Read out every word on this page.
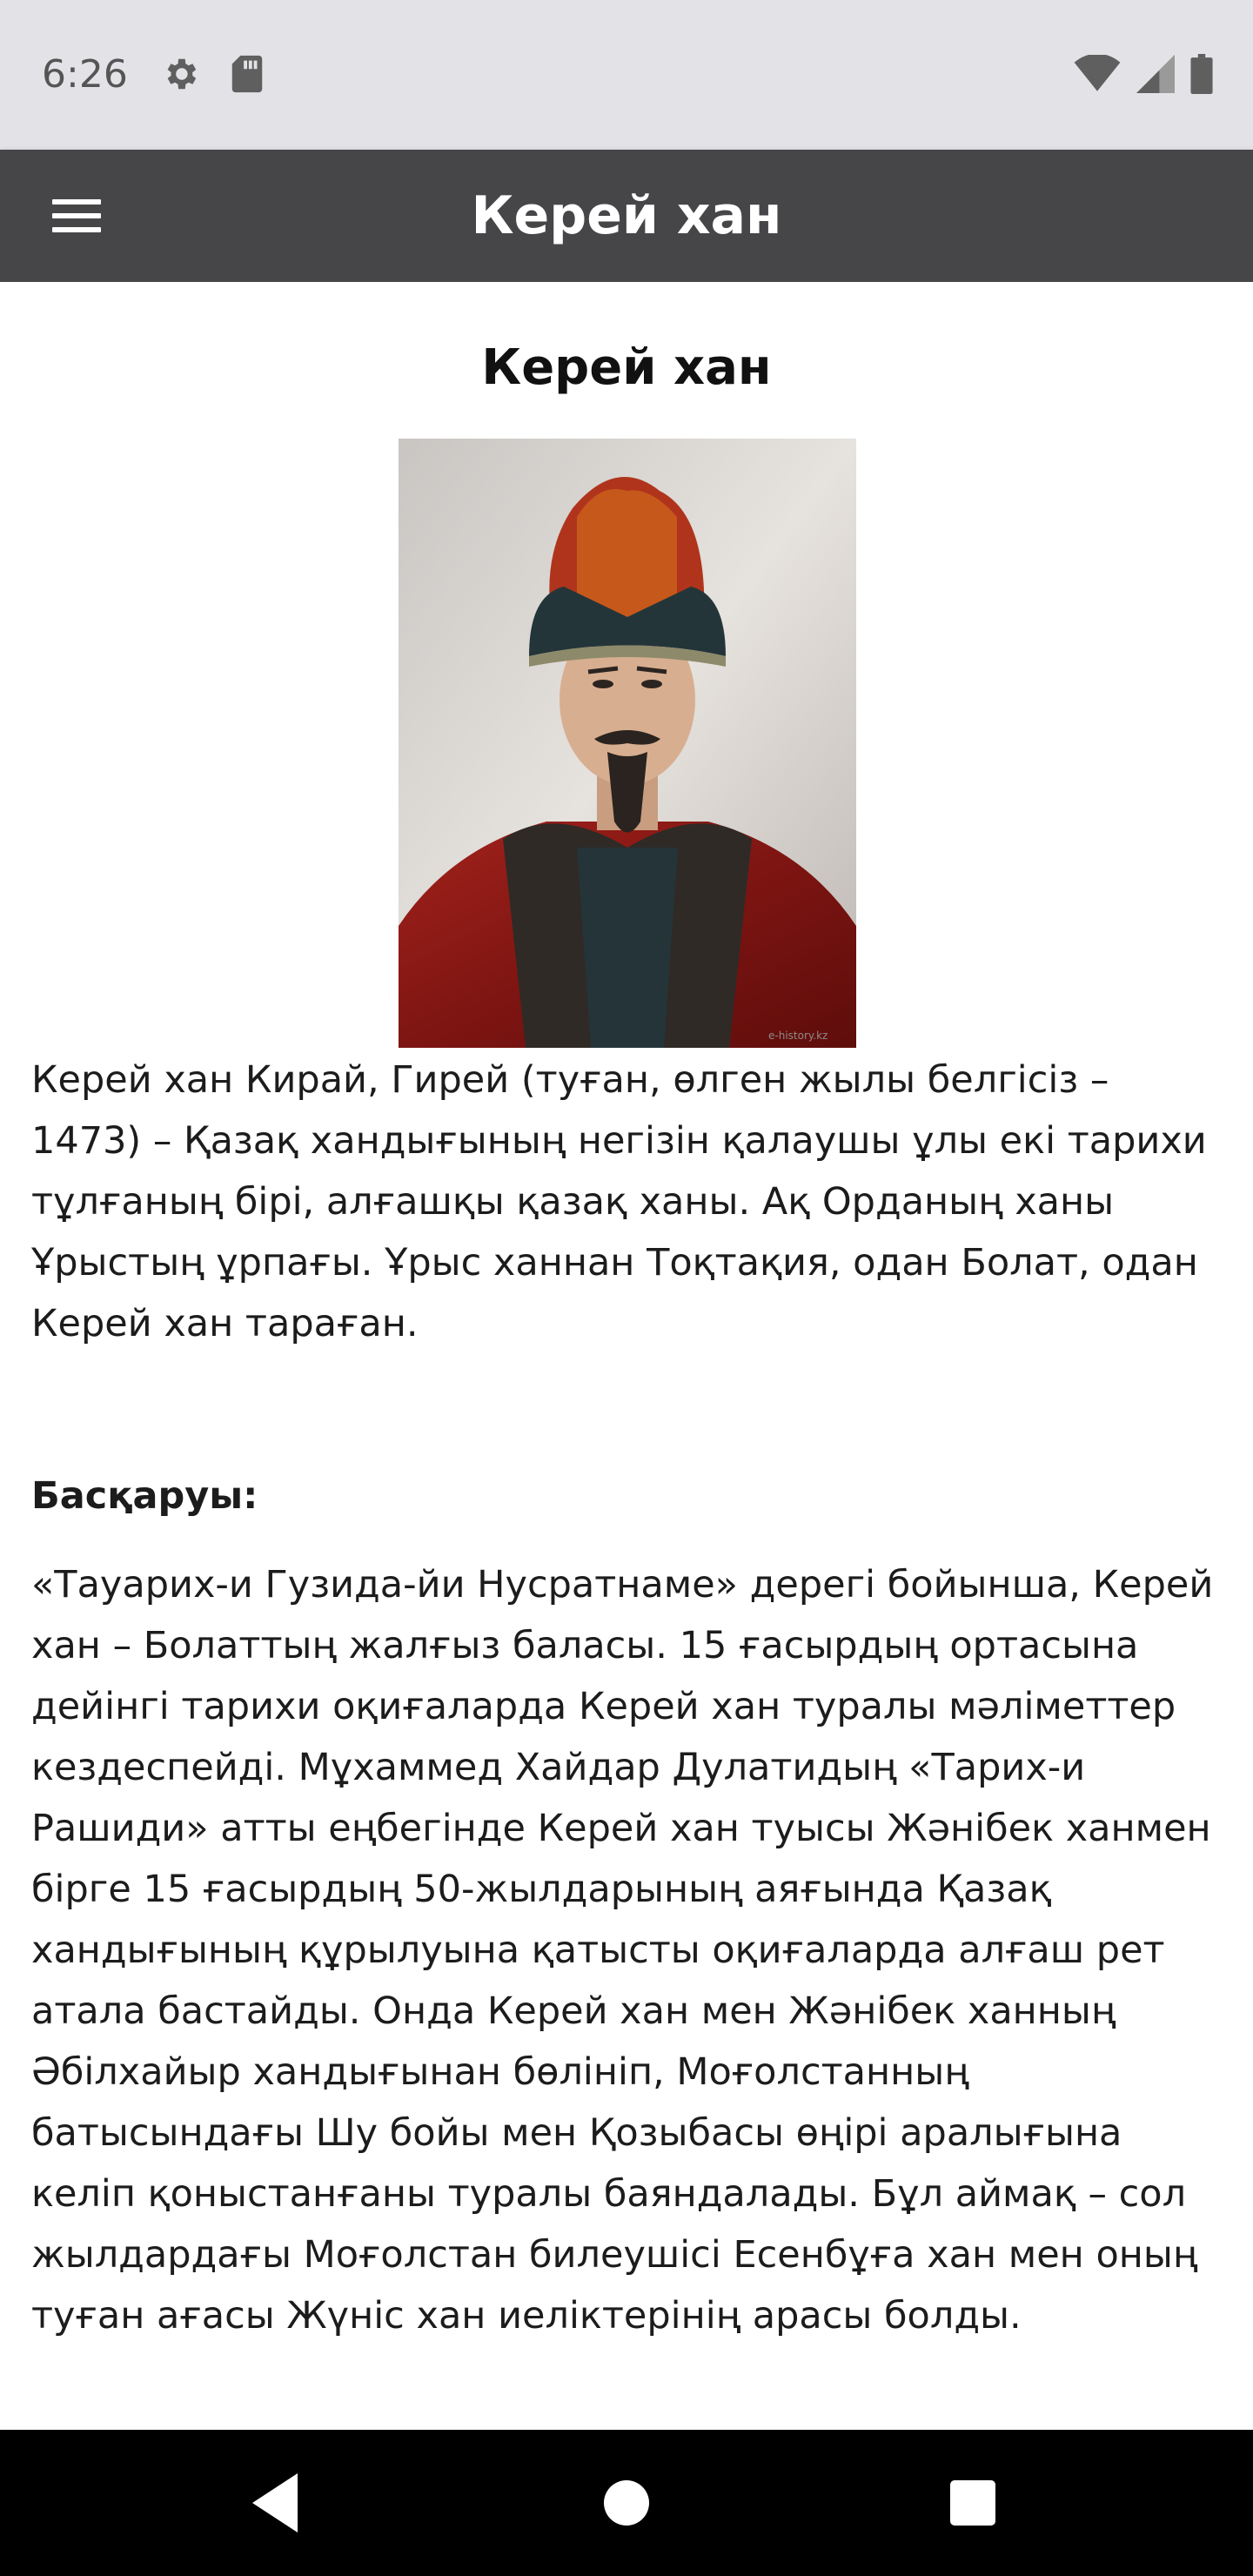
6:26
Керей хан
Керей хан
e-history.kz
Керей хан Кирай, Гирей (туған, өлген жылы белгісіз – 1473) – Қазақ хандығының негізін қалаушы ұлы екі тарихи тұлғаның бірі, алғашқы қазақ ханы. Ақ Орданың ханы Ұрыстың ұрпағы. Ұрыс ханнан Тоқтақия, одан Болат, одан Керей хан тараған.
Басқаруы:
«Тауарих-и Гузида-йи Нусратнаме» дерегі бойынша, Керей хан – Болаттың жалғыз баласы. 15 ғасырдың ортасына дейінгі тарихи оқиғаларда Керей хан туралы мәліметтер кездеспейді. Мұхаммед Хайдар Дулатидың «Тарих-и Рашиди» атты еңбегінде Керей хан туысы Жәнібек ханмен бірге 15 ғасырдың 50-жылдарының аяғында Қазақ хандығының құрылуына қатысты оқиғаларда алғаш рет атала бастайды. Онда Керей хан мен Жәнібек ханның Әбілхайыр хандығынан бөлініп, Моғолстанның батысындағы Шу бойы мен Қозыбасы өңірі аралығына келіп қоныстанғаны туралы баяндалады. Бұл аймақ – сол жылдардағы Моғолстан билеушісі Есенбұға хан мен оның туған ағасы Жүніс хан иеліктерінің арасы болды.
